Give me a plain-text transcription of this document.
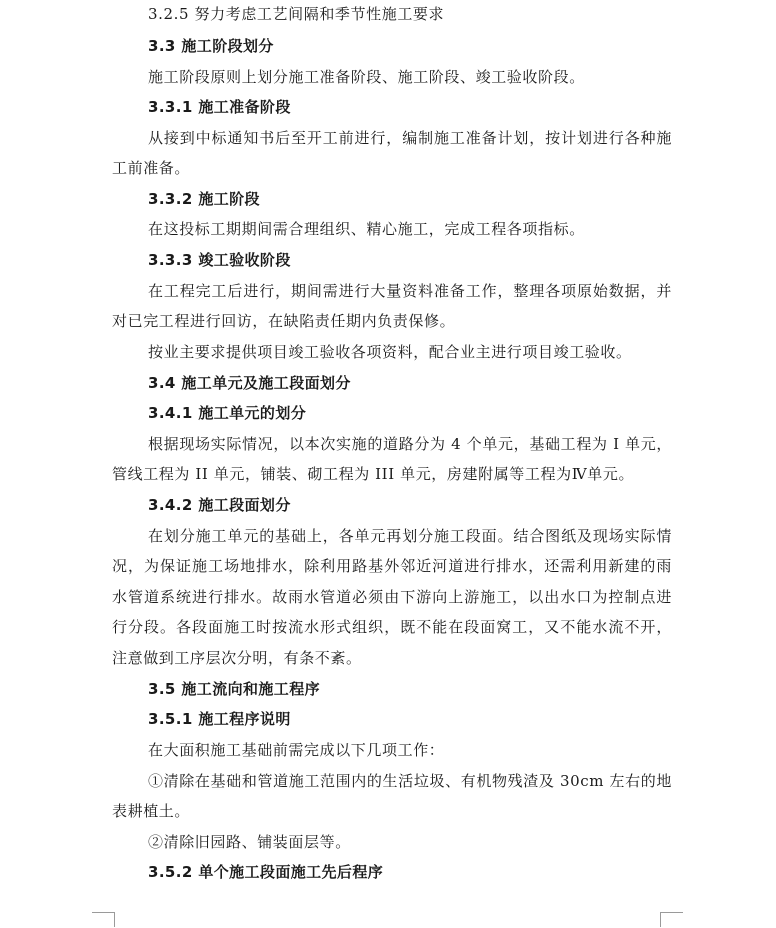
3.2.5 努力考虑工艺间隔和季节性施工要求
3.3 施工阶段划分
施工阶段原则上划分施工准备阶段、施工阶段、竣工验收阶段。
3.3.1 施工准备阶段
从接到中标通知书后至开工前进行，编制施工准备计划，按计划进行各种施
工前准备。
3.3.2 施工阶段
在这投标工期期间需合理组织、精心施工，完成工程各项指标。
3.3.3 竣工验收阶段
在工程完工后进行，期间需进行大量资料准备工作，整理各项原始数据，并
对已完工程进行回访，在缺陷责任期内负责保修。
按业主要求提供项目竣工验收各项资料，配合业主进行项目竣工验收。
3.4 施工单元及施工段面划分
3.4.1 施工单元的划分
根据现场实际情况，以本次实施的道路分为 4 个单元，基础工程为 I 单元，
管线工程为 II 单元，铺装、砌工程为 III 单元，房建附属等工程为Ⅳ单元。
3.4.2 施工段面划分
在划分施工单元的基础上，各单元再划分施工段面。结合图纸及现场实际情
况，为保证施工场地排水，除利用路基外邻近河道进行排水，还需利用新建的雨
水管道系统进行排水。故雨水管道必须由下游向上游施工，以出水口为控制点进
行分段。各段面施工时按流水形式组织，既不能在段面窝工，又不能水流不开，
注意做到工序层次分明，有条不紊。
3.5 施工流向和施工程序
3.5.1 施工程序说明
在大面积施工基础前需完成以下几项工作：
①清除在基础和管道施工范围内的生活垃圾、有机物残渣及 30cm 左右的地
表耕植土。
②清除旧园路、铺装面层等。
3.5.2 单个施工段面施工先后程序
